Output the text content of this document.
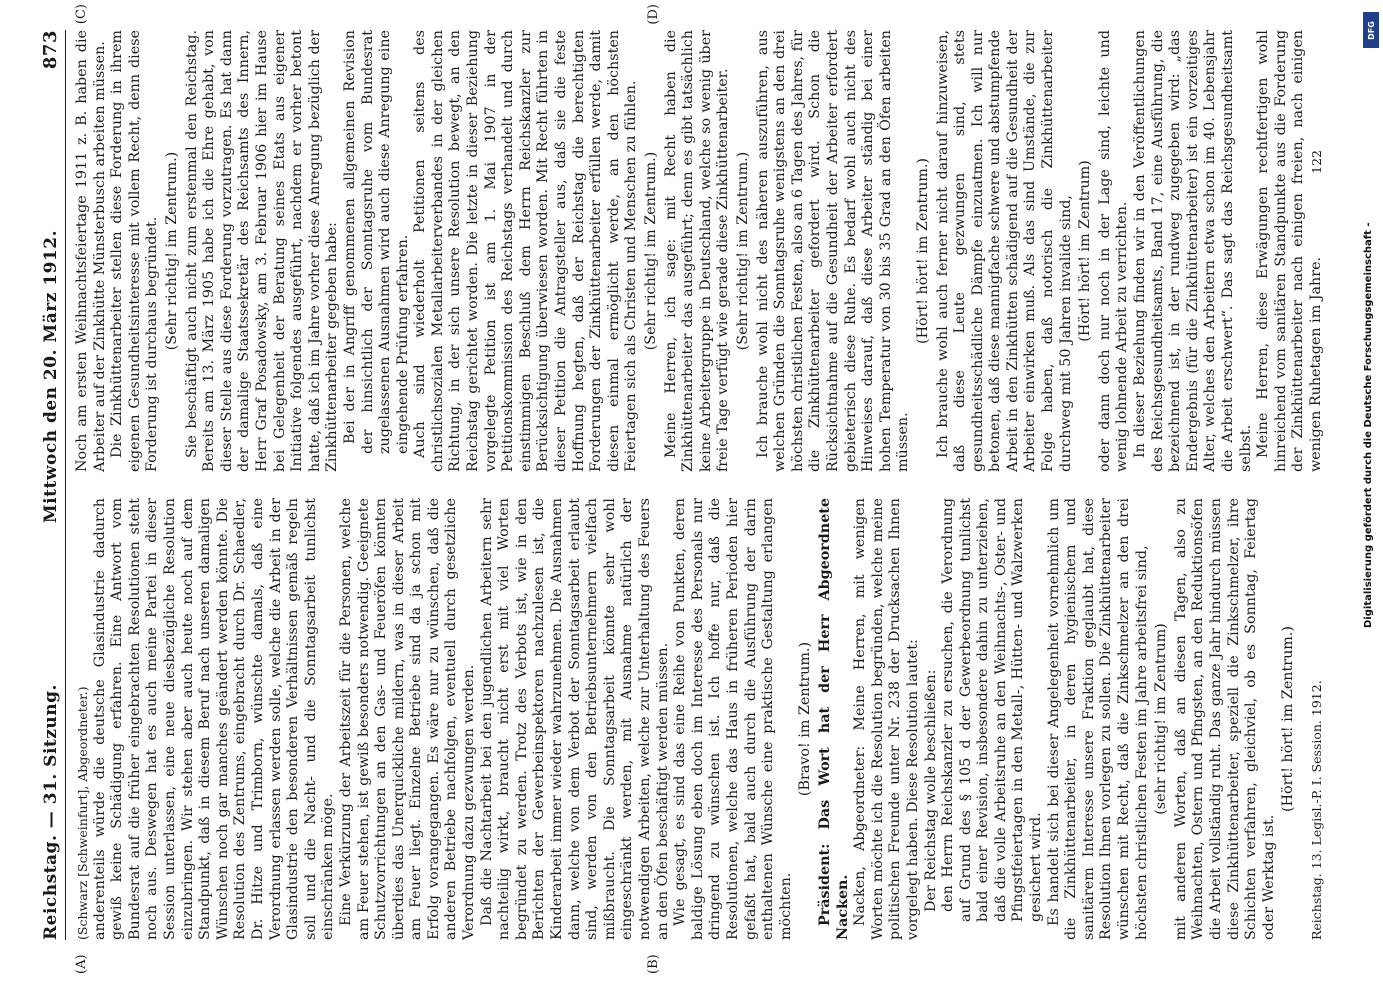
Reichstag. — 31. Sitzung.
Mittwoch den 20. März 1912.
873
(A)	(B)
(C)	(D)

(Schwarz [Schweinfurt], Abgeordneter.) anderenteils würde die deutsche Glasindustrie dadurch gewiß keine Schädigung erfahren. Eine Antwort vom Bundesrat auf die früher eingebrachten Resolutionen steht noch aus. Deswegen hat es auch meine Partei in dieser Session unterlassen, eine neue diesbezügliche Resolution einzubringen. Wir stehen aber auch heute noch auf dem Standpunkt, daß in diesem Beruf nach unseren damaligen Wünschen noch gar manches geändert werden könnte. Die Resolution des Zentrums, eingebracht durch Dr. Schaedler, Dr. Hitze und Trimborn, wünschte damals, daß eine Verordnung erlassen werden solle, welche die Arbeit in der Glasindustrie den besonderen Verhältnissen gemäß regeln soll und die Nacht- und die Sonntagsarbeit tunlichst einschränken möge. Eine Verkürzung der Arbeitszeit für die Personen, welche am Feuer stehen, ist gewiß besonders notwendig. Geeignete Schutzvorrichtungen an den Gas- und Feueröfen könnten überdies das Unerquickliche mildern, was in dieser Arbeit am Feuer liegt. Einzelne Betriebe sind da ja schon mit Erfolg vorangegangen. Es wäre nur zu wünschen, daß die anderen Betriebe nachfolgen, eventuell durch gesetzliche Verordnung dazu gezwungen werden. Daß die Nachtarbeit bei den jugendlichen Arbeitern sehr nachteilig wirkt, braucht nicht erst mit viel Worten begründet zu werden. Trotz des Verbots ist, wie in den Berichten der Gewerbeinspektoren nachzulesen ist, die Kinderarbeit immer wieder wahrzunehmen. Die Ausnahmen dann, welche von dem Verbot der Sonntagsarbeit erlaubt sind, werden von den Betriebsunternehmern vielfach mißbraucht. Die Sonntagsarbeit könnte sehr wohl eingeschränkt werden, mit Ausnahme natürlich der notwendigen Arbeiten, welche zur Unterhaltung des Feuers an den Öfen beschäftigt werden müssen. Wie gesagt, es sind das eine Reihe von Punkten, deren baldige Lösung eben doch im Interesse des Personals nur dringend zu wünschen ist. Ich hoffe nur, daß die Resolutionen, welche das Haus in früheren Perioden hier gefaßt hat, bald auch durch die Ausführung der darin enthaltenen Wünsche eine praktische Gestaltung erlangen möchten.

(Bravo! im Zentrum.) Präsident: Das Wort hat der Herr Abgeordnete Nacken. Nacken, Abgeordneter: Meine Herren, mit wenigen Worten möchte ich die Resolution begründen, welche meine politischen Freunde unter Nr. 238 der Drucksachen Ihnen vorgelegt haben. Diese Resolution lautet: Der Reichstag wolle beschließen: den Herrn Reichskanzler zu ersuchen, die Verordnung auf Grund des § 105 d der Gewerbeordnung tunlichst bald einer Revision, insbesondere dahin zu unterziehen, daß die volle Arbeitsruhe an den Weihnachts-, Oster- und Pfingstfeiertagen in den Metall-, Hütten- und Walzwerken gesichert wird. Es handelt sich bei dieser Angelegenheit vornehmlich um die Zinkhüttenarbeiter, in deren hygienischem und sanitärem Interesse unsere Fraktion geglaubt hat, diese Resolution Ihnen vorlegen zu sollen. Die Zinkhüttenarbeiter wünschen mit Recht, daß die Zinkschmelzer an den drei höchsten christlichen Festen im Jahre arbeitsfrei sind, (sehr richtig! im Zentrum) mit anderen Worten, daß an diesen Tagen, also zu Weihnachten, Ostern und Pfingsten, an den Reduktionsöfen die Arbeit vollständig ruht. Das ganze Jahr hindurch müssen diese Zinkhüttenarbeiter, speziell die Zinkschmelzer, ihre Schichten verfahren, gleichviel, ob es Sonntag, Feiertag oder Werktag ist.

(Hört! hört! im Zentrum.)

Noch am ersten Weihnachtsfeiertage 1911 z. B. haben die Arbeiter auf der Zinkhütte Münsterbusch arbeiten müssen. Die Zinkhüttenarbeiter stellen diese Forderung in ihrem eigenen Gesundheitsinteresse mit vollem Recht, denn diese Forderung ist durchaus begründet. (Sehr richtig! im Zentrum.) Sie beschäftigt auch nicht zum erstenmal den Reichstag. Bereits am 13. März 1905 habe ich die Ehre gehabt, von dieser Stelle aus diese Forderung vorzutragen. Es hat dann der damalige Staatssekretär des Reichsamts des Innern, Herr Graf Posadowsky, am 3. Februar 1906 hier im Hause bei Gelegenheit der Beratung seines Etats aus eigener Initiative folgendes ausgeführt, nachdem er vorher betont hatte, daß ich im Jahre vorher diese Anregung bezüglich der Zinkhüttenarbeiter gegeben habe: Bei der in Angriff genommenen allgemeinen Revision der hinsichtlich der Sonntagsruhe vom Bundesrat zugelassenen Ausnahmen wird auch diese Anregung eine eingehende Prüfung erfahren. Auch sind wiederholt Petitionen seitens des christlichsozialen Metallarbeiterverbandes in der gleichen Richtung, in der sich unsere Resolution bewegt, an den Reichstag gerichtet worden. Die letzte in dieser Beziehung vorgelegte Petition ist am 1. Mai 1907 in der Petitionskommission des Reichstags verhandelt und durch einstimmigen Beschluß dem Herrn Reichskanzler zur Berücksichtigung überwiesen worden. Mit Recht führten in dieser Petition die Antragsteller aus, daß sie die feste Hoffnung hegten, daß der Reichstag die berechtigten Forderungen der Zinkhüttenarbeiter erfüllen werde, damit diesen einmal ermöglicht werde, an den höchsten Feiertagen sich als Christen und Menschen zu fühlen. (Sehr richtig! im Zentrum.) Meine Herren, ich sage: mit Recht haben die Zinkhüttenarbeiter das ausgeführt; denn es gibt tatsächlich keine Arbeitergruppe in Deutschland, welche so wenig über freie Tage verfügt wie gerade diese Zinkhüttenarbeiter. (Sehr richtig! im Zentrum.) Ich brauche wohl nicht des näheren auszuführen, aus welchen Gründen die Sonntagsruhe wenigstens an den drei höchsten christlichen Festen, also an 6 Tagen des Jahres, für die Zinkhüttenarbeiter gefordert wird. Schon die Rücksichtnahme auf die Gesundheit der Arbeiter erfordert gebieterisch diese Ruhe. Es bedarf wohl auch nicht des Hinweises darauf, daß diese Arbeiter ständig bei einer hohen Temperatur von 30 bis 35 Grad an den Öfen arbeiten müssen.

(Hört! hört! im Zentrum.) Ich brauche wohl auch ferner nicht darauf hinzuweisen, daß diese Leute gezwungen sind, stets gesundheitsschädliche Dämpfe einzuatmen. Ich will nur betonen, daß diese mannigfache schwere und abstumpfende Arbeit in den Zinkhütten schädigend auf die Gesundheit der Arbeiter einwirken muß. Als das sind Umstände, die zur Folge haben, daß notorisch die Zinkhüttenarbeiter durchweg mit 50 Jahren invalide sind, (Hört! hört! im Zentrum) oder dann doch nur noch in der Lage sind, leichte und wenig lohnende Arbeit zu verrichten. In dieser Beziehung finden wir in den Veröffentlichungen des Reichsgesundheitsamts, Band 17, eine Ausführung, die bezeichnend ist, in der rundweg zugegeben wird: „das Endergebnis (für die Zinkhüttenarbeiter) ist ein vorzeitiges Alter, welches den Arbeitern etwa schon im 40. Lebensjahr die Arbeit erschwert“. Das sagt das Reichsgesundheitsamt selbst. Meine Herren, diese Erwägungen rechtfertigen wohl hinreichend vom sanitären Standpunkte aus die Forderung der Zinkhüttenarbeiter nach einigen freien, nach einigen wenigen Ruhetagen im Jahre.

Reichstag. 13. Legisl.-P. I. Session. 1912.
122
DFG
Digitalisierung gefördert durch die Deutsche Forschungsgemeinschaft -
